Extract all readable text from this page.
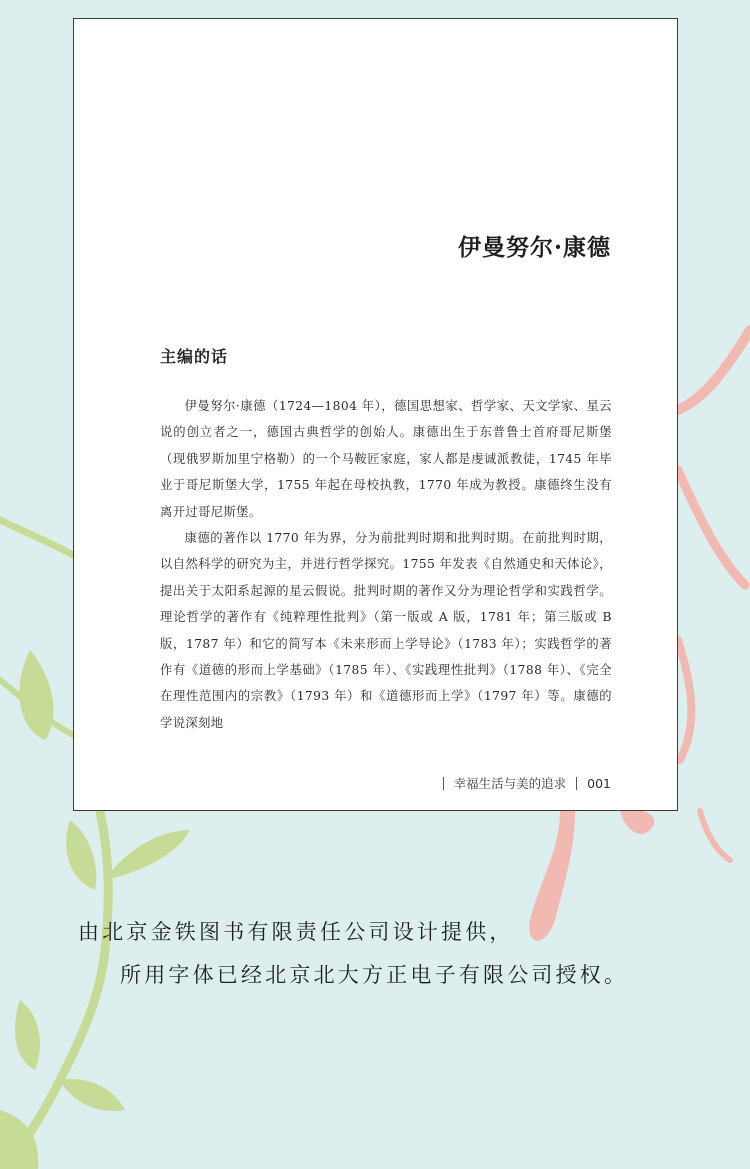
伊曼努尔·康德
主编的话

伊曼努尔·康德（1724—1804 年），德国思想家、哲学家、天文学家、星云说的创立者之一，德国古典哲学的创始人。康德出生于东普鲁士首府哥尼斯堡（现俄罗斯加里宁格勒）的一个马鞍匠家庭，家人都是虔诚派教徒，1745 年毕业于哥尼斯堡大学，1755 年起在母校执教，1770 年成为教授。康德终生没有离开过哥尼斯堡。

康德的著作以 1770 年为界，分为前批判时期和批判时期。在前批判时期，以自然科学的研究为主，并进行哲学探究。1755 年发表《自然通史和天体论》，提出关于太阳系起源的星云假说。批判时期的著作又分为理论哲学和实践哲学。理论哲学的著作有《纯粹理性批判》（第一版或 A 版，1781 年；第三版或 B 版，1787 年）和它的简写本《未来形而上学导论》（1783 年）；实践哲学的著作有《道德的形而上学基础》（1785 年）、《实践理性批判》（1788 年）、《完全在理性范围内的宗教》（1793 年）和《道德形而上学》（1797 年）等。康德的学说深刻地

幸福生活与美的追求 001

由北京金铁图书有限责任公司设计提供，

所用字体已经北京北大方正电子有限公司授权。
